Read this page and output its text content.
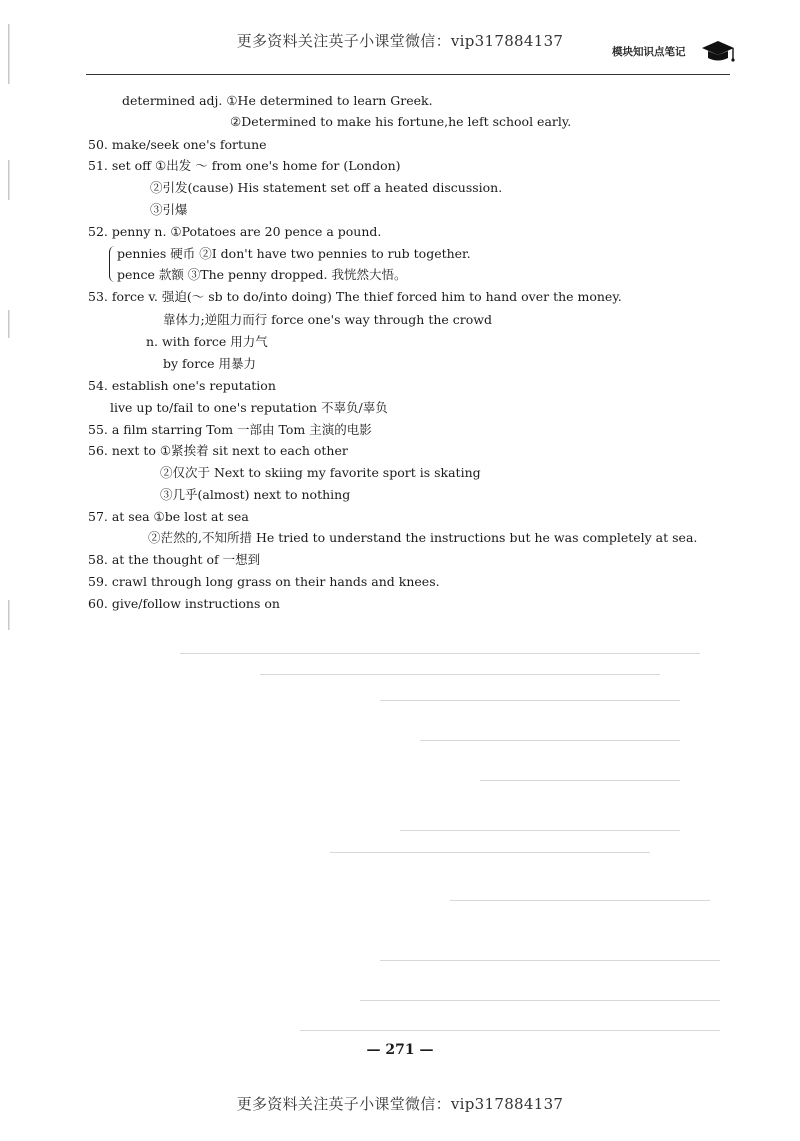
更多资料关注英子小课堂微信：vip317884137
模块知识点笔记
determined adj. ①He determined to learn Greek.
②Determined to make his fortune,he left school early.
50. make/seek one's fortune
51. set off ①出发 ～ from one's home for (London)
②引发(cause) His statement set off a heated discussion.
③引爆
52. penny n. ①Potatoes are 20 pence a pound.
pennies 硬币 ②I don't have two pennies to rub together.
pence 款额 ③The penny dropped. 我恍然大悟。
53. force v. 强迫(～ sb to do/into doing) The thief forced him to hand over the money.
靠体力;逆阻力而行 force one's way through the crowd
n. with force 用力气
by force 用暴力
54. establish one's reputation
live up to/fail to one's reputation 不辜负/辜负
55. a film starring Tom 一部由 Tom 主演的电影
56. next to ①紧挨着 sit next to each other
②仅次于 Next to skiing my favorite sport is skating
③几乎(almost) next to nothing
57. at sea ①be lost at sea
②茫然的,不知所措 He tried to understand the instructions but he was completely at sea.
58. at the thought of 一想到
59. crawl through long grass on their hands and knees.
60. give/follow instructions on
— 271 —
更多资料关注英子小课堂微信：vip317884137
